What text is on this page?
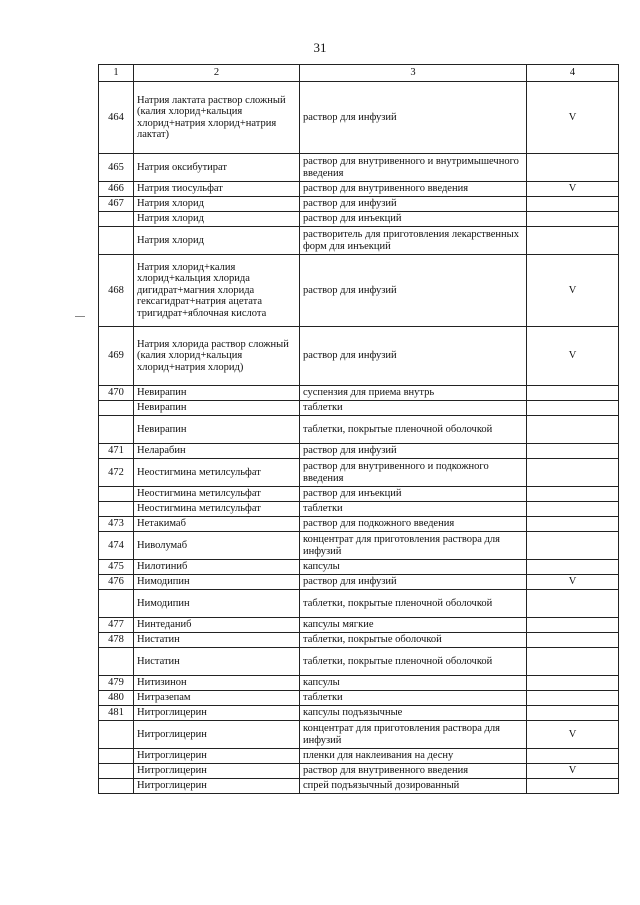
31
1	2	3	4
464	Натрия лактата раствор сложный (калия хлорид+кальция хлорид+натрия хлорид+натрия лактат)	раствор для инфузий	V
465	Натрия оксибутират	раствор для внутривенного и внутримышечного введения	
466	Натрия тиосульфат	раствор для внутривенного введения	V
467	Натрия хлорид	раствор для инфузий	
	Натрия хлорид	раствор для инъекций	
	Натрия хлорид	растворитель для приготовления лекарственных форм для инъекций	
468	Натрия хлорид+калия хлорид+кальция хлорида дигидрат+магния хлорида гексагидрат+натрия ацетата тригидрат+яблочная кислота	раствор для инфузий	V
469	Натрия хлорида раствор сложный (калия хлорид+кальция хлорид+натрия хлорид)	раствор для инфузий	V
470	Невирапин	суспензия для приема внутрь	
	Невирапин	таблетки	
	Невирапин	таблетки, покрытые пленочной оболочкой	
471	Неларабин	раствор для инфузий	
472	Неостигмина метилсульфат	раствор для внутривенного и подкожного введения	
	Неостигмина метилсульфат	раствор для инъекций	
	Неостигмина метилсульфат	таблетки	
473	Нетакимаб	раствор для подкожного введения	
474	Ниволумаб	концентрат для приготовления раствора для инфузий	
475	Нилотиниб	капсулы	
476	Нимодипин	раствор для инфузий	V
	Нимодипин	таблетки, покрытые пленочной оболочкой	
477	Нинтеданиб	капсулы мягкие	
478	Нистатин	таблетки, покрытые оболочкой	
	Нистатин	таблетки, покрытые пленочной оболочкой	
479	Нитизинон	капсулы	
480	Нитразепам	таблетки	
481	Нитроглицерин	капсулы подъязычные	
	Нитроглицерин	концентрат для приготовления раствора для инфузий	V
	Нитроглицерин	пленки для наклеивания на десну	
	Нитроглицерин	раствор для внутривенного введения	V
	Нитроглицерин	спрей подъязычный дозированный	
